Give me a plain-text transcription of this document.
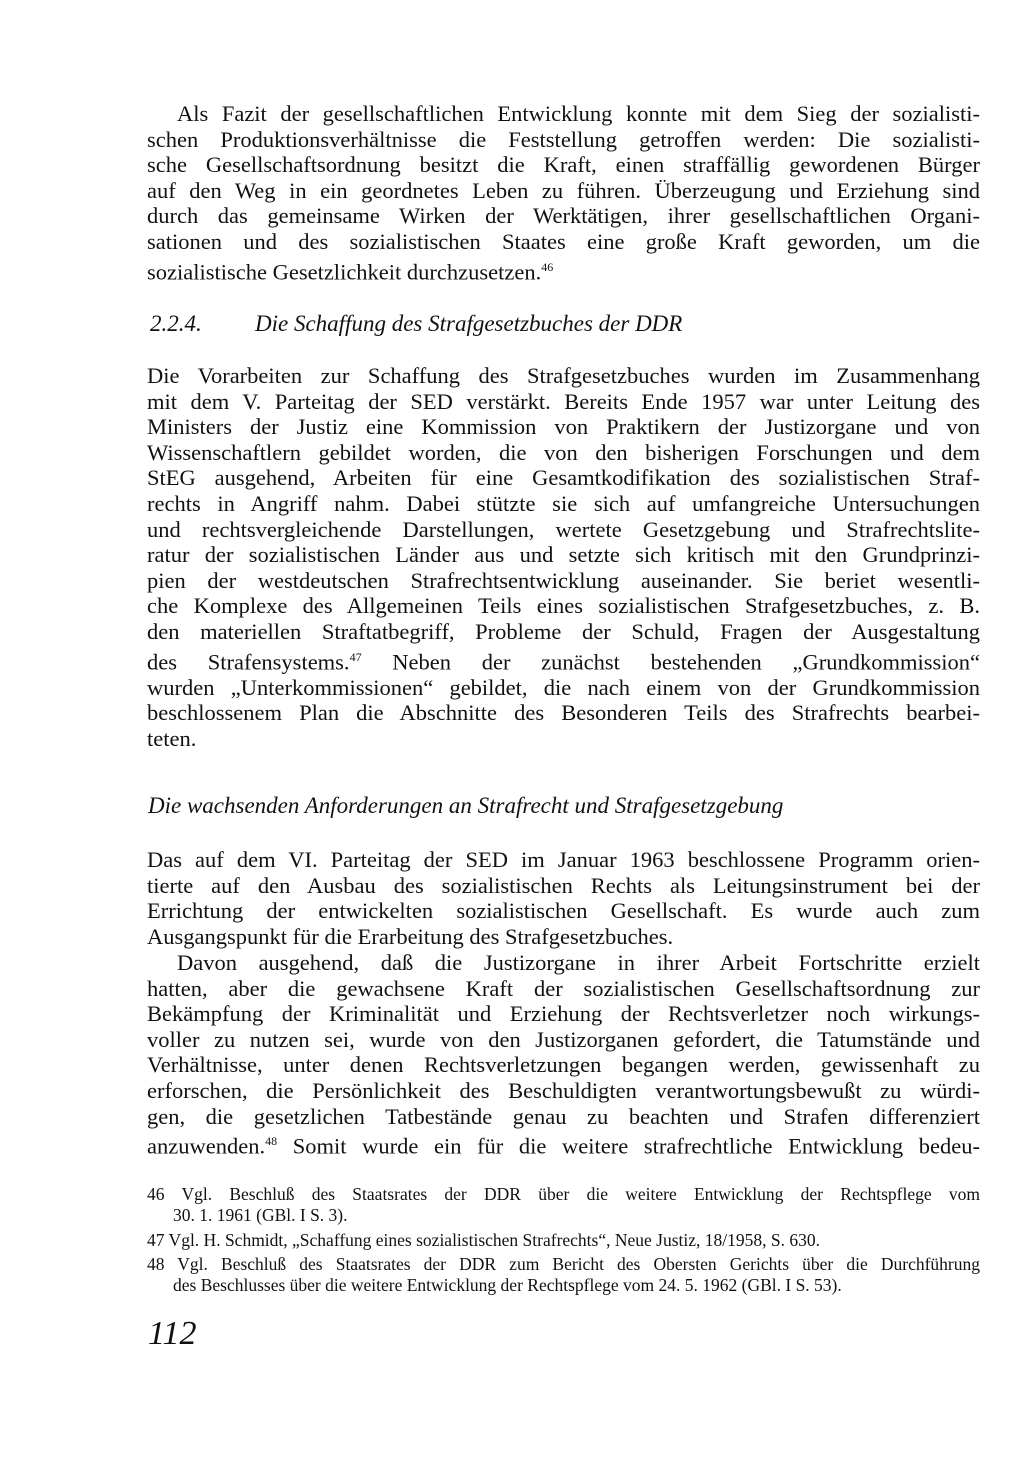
Als Fazit der gesellschaftlichen Entwicklung konnte mit dem Sieg der sozialisti-
schen Produktionsverhältnisse die Feststellung getroffen werden: Die sozialisti-
sche Gesellschaftsordnung besitzt die Kraft, einen straffällig gewordenen Bürger
auf den Weg in ein geordnetes Leben zu führen. Überzeugung und Erziehung sind
durch das gemeinsame Wirken der Werktätigen, ihrer gesellschaftlichen Organi-
sationen und des sozialistischen Staates eine große Kraft geworden, um die
sozialistische Gesetzlichkeit durchzusetzen.$^{46}$
2.2.4. Die Schaffung des Strafgesetzbuches der DDR
Die Vorarbeiten zur Schaffung des Strafgesetzbuches wurden im Zusammenhang
mit dem V. Parteitag der SED verstärkt. Bereits Ende 1957 war unter Leitung des
Ministers der Justiz eine Kommission von Praktikern der Justizorgane und von
Wissenschaftlern gebildet worden, die von den bisherigen Forschungen und dem
StEG ausgehend, Arbeiten für eine Gesamtkodifikation des sozialistischen Straf-
rechts in Angriff nahm. Dabei stützte sie sich auf umfangreiche Untersuchungen
und rechtsvergleichende Darstellungen, wertete Gesetzgebung und Strafrechtslite-
ratur der sozialistischen Länder aus und setzte sich kritisch mit den Grundprinzi-
pien der westdeutschen Strafrechtsentwicklung auseinander. Sie beriet wesentli-
che Komplexe des Allgemeinen Teils eines sozialistischen Strafgesetzbuches, z. B.
den materiellen Straftatbegriff, Probleme der Schuld, Fragen der Ausgestaltung
des Strafensystems.$^{47}$ Neben der zunächst bestehenden „Grundkommission“
wurden „Unterkommissionen“ gebildet, die nach einem von der Grundkommission
beschlossenem Plan die Abschnitte des Besonderen Teils des Strafrechts bearbei-
teten.
Die wachsenden Anforderungen an Strafrecht und Strafgesetzgebung
Das auf dem VI. Parteitag der SED im Januar 1963 beschlossene Programm orien-
tierte auf den Ausbau des sozialistischen Rechts als Leitungsinstrument bei der
Errichtung der entwickelten sozialistischen Gesellschaft. Es wurde auch zum
Ausgangspunkt für die Erarbeitung des Strafgesetzbuches.
Davon ausgehend, daß die Justizorgane in ihrer Arbeit Fortschritte erzielt
hatten, aber die gewachsene Kraft der sozialistischen Gesellschaftsordnung zur
Bekämpfung der Kriminalität und Erziehung der Rechtsverletzer noch wirkungs-
voller zu nutzen sei, wurde von den Justizorganen gefordert, die Tatumstände und
Verhältnisse, unter denen Rechtsverletzungen begangen werden, gewissenhaft zu
erforschen, die Persönlichkeit des Beschuldigten verantwortungsbewußt zu würdi-
gen, die gesetzlichen Tatbestände genau zu beachten und Strafen differenziert
anzuwenden.$^{48}$ Somit wurde ein für die weitere strafrechtliche Entwicklung bedeu-
46 Vgl. Beschluß des Staatsrates der DDR über die weitere Entwicklung der Rechtspflege vom
30. 1. 1961 (GBl. I S. 3).
47 Vgl. H. Schmidt, „Schaffung eines sozialistischen Strafrechts“, Neue Justiz, 18/1958, S. 630.
48 Vgl. Beschluß des Staatsrates der DDR zum Bericht des Obersten Gerichts über die Durchführung
des Beschlusses über die weitere Entwicklung der Rechtspflege vom 24. 5. 1962 (GBl. I S. 53).
112
